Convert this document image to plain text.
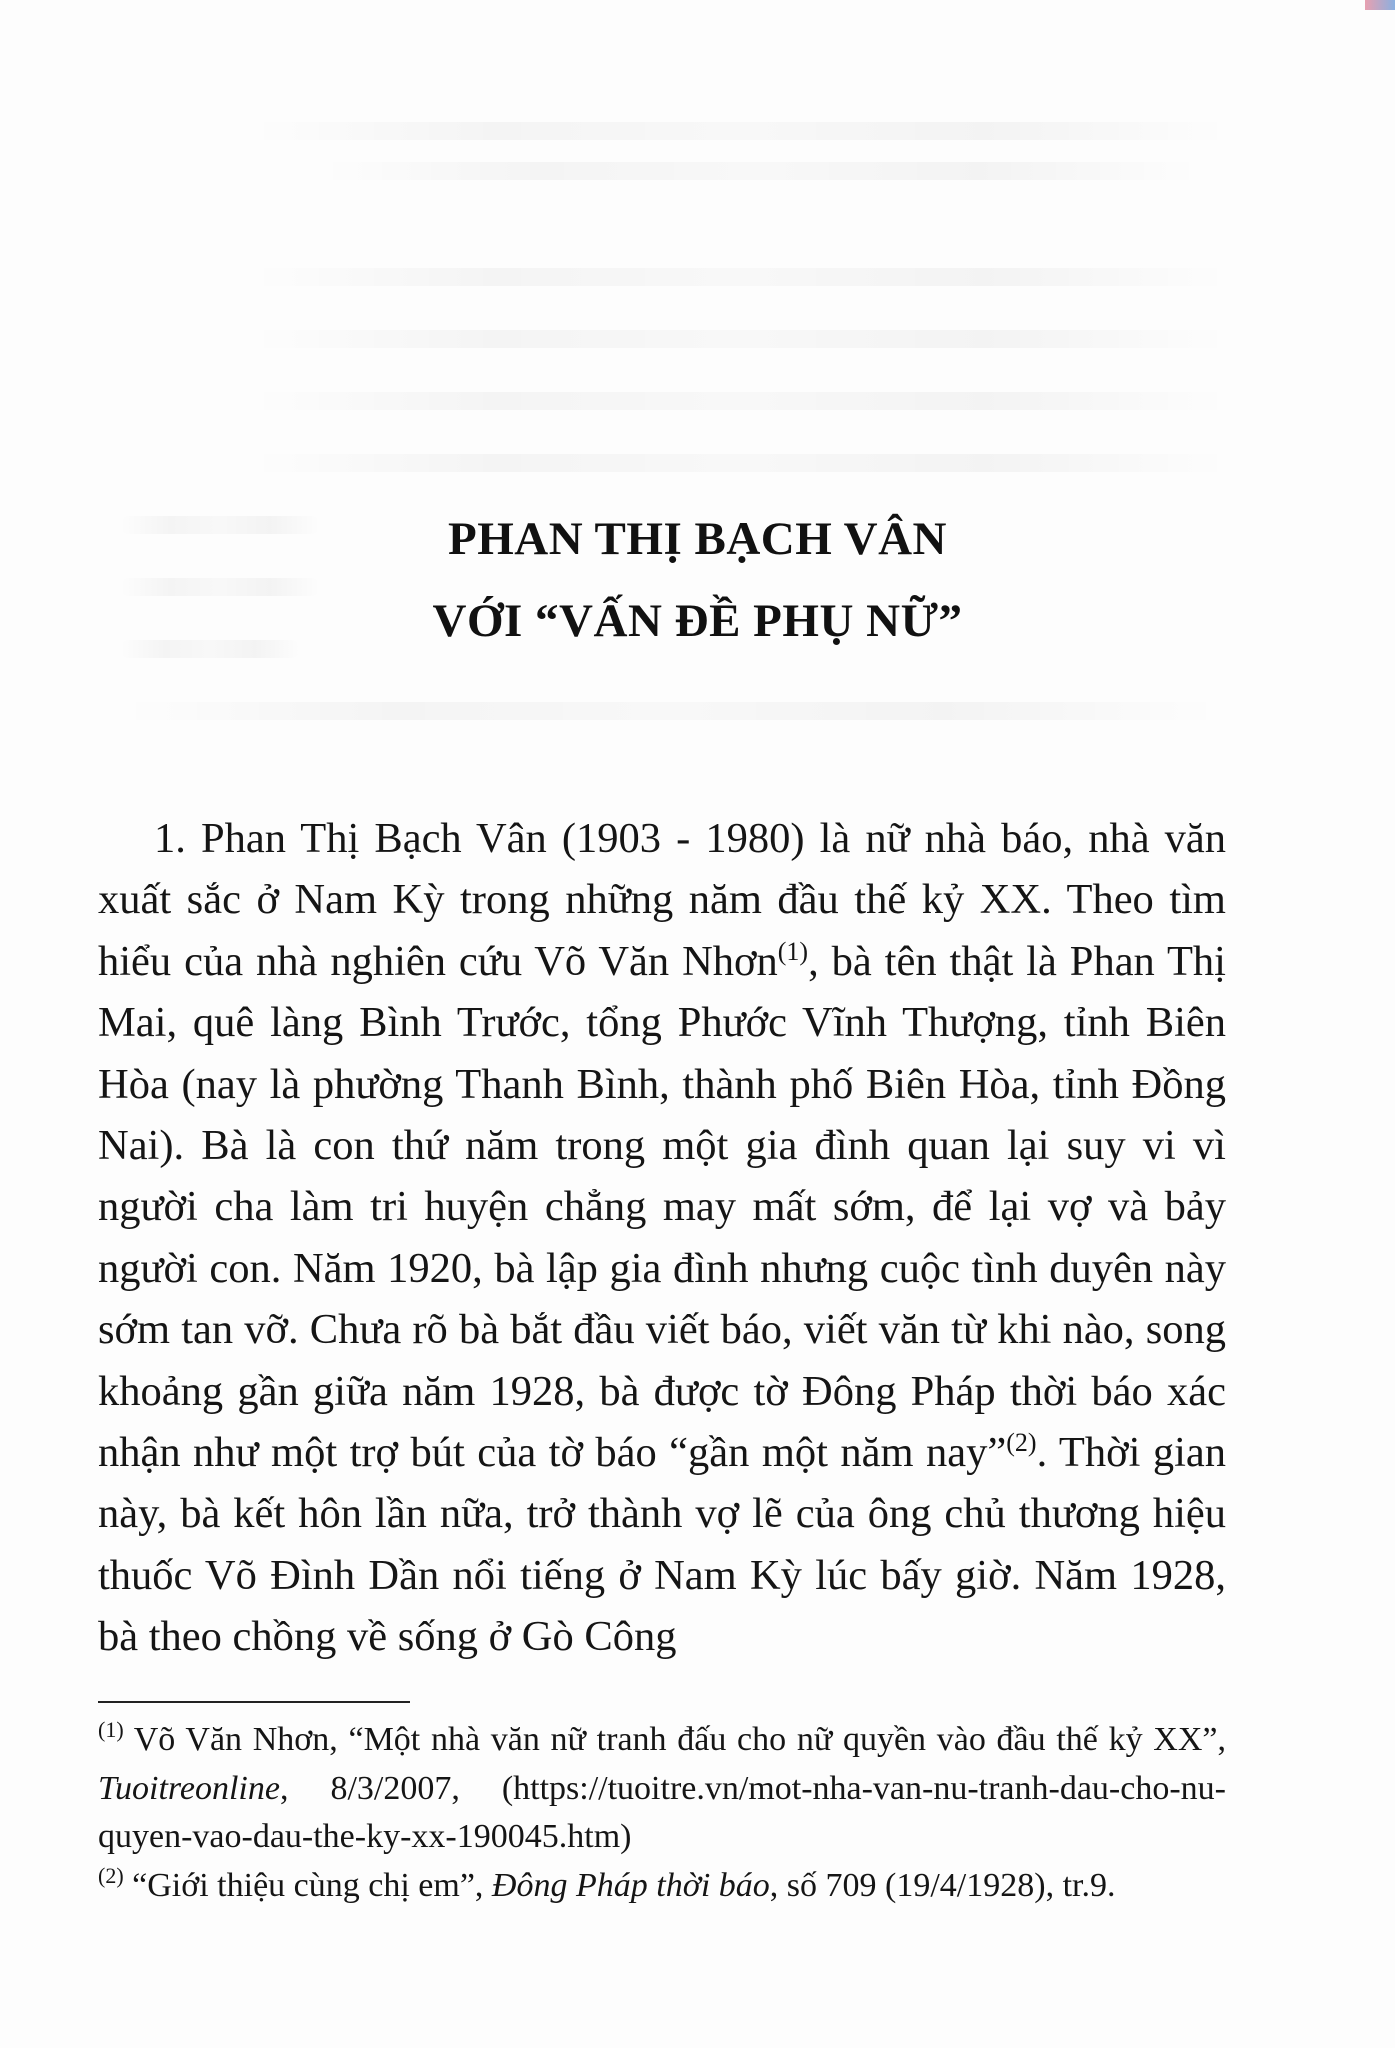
PHAN THỊ BẠCH VÂN
VỚI “VẤN ĐỀ PHỤ NỮ”
1. Phan Thị Bạch Vân (1903 - 1980) là nữ nhà báo, nhà văn xuất sắc ở Nam Kỳ trong những năm đầu thế kỷ XX. Theo tìm hiểu của nhà nghiên cứu Võ Văn Nhơn$^{(1)}$, bà tên thật là Phan Thị Mai, quê làng Bình Trước, tổng Phước Vĩnh Thượng, tỉnh Biên Hòa (nay là phường Thanh Bình, thành phố Biên Hòa, tỉnh Đồng Nai). Bà là con thứ năm trong một gia đình quan lại suy vi vì người cha làm tri huyện chẳng may mất sớm, để lại vợ và bảy người con. Năm 1920, bà lập gia đình nhưng cuộc tình duyên này sớm tan vỡ. Chưa rõ bà bắt đầu viết báo, viết văn từ khi nào, song khoảng gần giữa năm 1928, bà được tờ Đông Pháp thời báo xác nhận như một trợ bút của tờ báo “gần một năm nay”$^{(2)}$. Thời gian này, bà kết hôn lần nữa, trở thành vợ lẽ của ông chủ thương hiệu thuốc Võ Đình Dần nổi tiếng ở Nam Kỳ lúc bấy giờ. Năm 1928, bà theo chồng về sống ở Gò Công

$^{(1)}$ Võ Văn Nhơn, “Một nhà văn nữ tranh đấu cho nữ quyền vào đầu thế kỷ XX”, Tuoitreonline, 8/3/2007, (https://tuoitre.vn/mot-nha-van-nu-tranh-dau-cho-nu-quyen-vao-dau-the-ky-xx-190045.htm)

$^{(2)}$ “Giới thiệu cùng chị em”, Đông Pháp thời báo, số 709 (19/4/1928), tr.9.
